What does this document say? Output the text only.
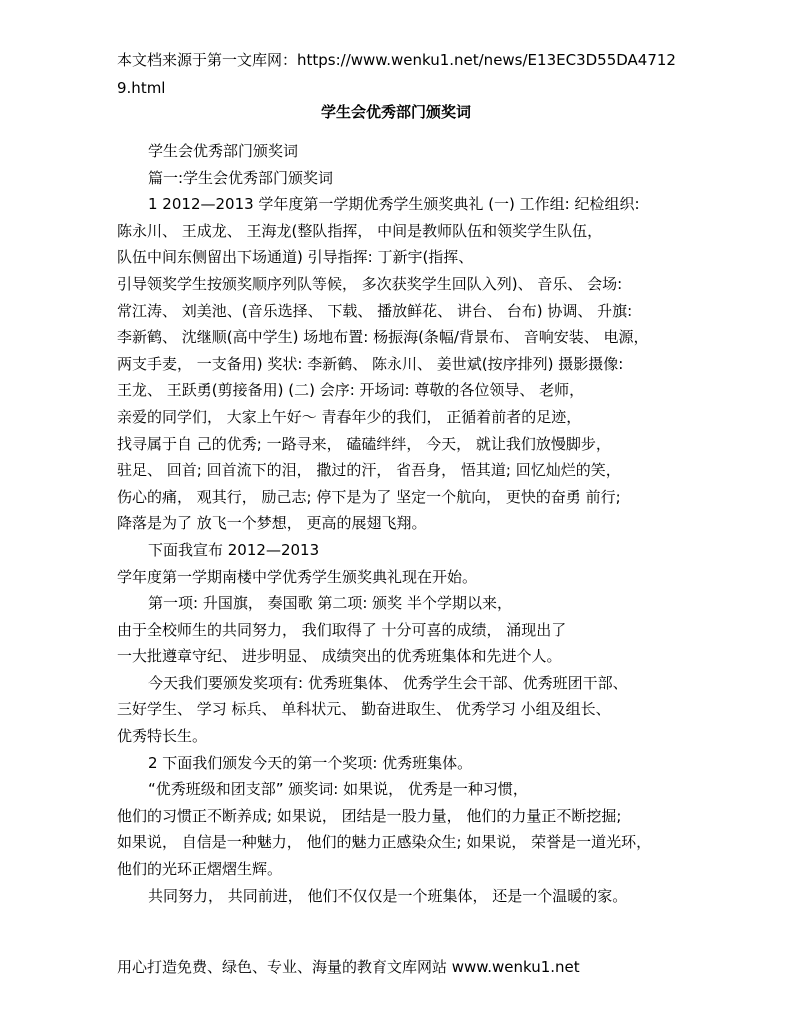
本文档来源于第一文库网：https://www.wenku1.net/news/E13EC3D55DA47129.html
学生会优秀部门颁奖词
学生会优秀部门颁奖词
篇一:学生会优秀部门颁奖词
1 2012—2013 学年度第一学期优秀学生颁奖典礼 (一) 工作组: 纪检组织:
陈永川、 王成龙、 王海龙(整队指挥， 中间是教师队伍和领奖学生队伍，
队伍中间东侧留出下场通道) 引导指挥: 丁新宇(指挥、
引导领奖学生按颁奖顺序列队等候， 多次获奖学生回队入列)、 音乐、 会场:
常江涛、 刘美池、(音乐选择、 下载、 播放鲜花、 讲台、 台布) 协调、 升旗:
李新鹤、 沈继顺(高中学生) 场地布置: 杨振海(条幅/背景布、 音响安装、 电源，
两支手麦， 一支备用) 奖状: 李新鹤、 陈永川、 姜世斌(按序排列) 摄影摄像:
王龙、 王跃勇(剪接备用) (二) 会序: 开场词: 尊敬的各位领导、 老师，
亲爱的同学们， 大家上午好～ 青春年少的我们， 正循着前者的足迹，
找寻属于自 己的优秀; 一路寻来， 磕磕绊绊， 今天， 就让我们放慢脚步，
驻足、 回首; 回首流下的泪， 撒过的汗， 省吾身， 悟其道; 回忆灿烂的笑，
伤心的痛， 观其行， 励己志; 停下是为了 坚定一个航向， 更快的奋勇 前行;
降落是为了 放飞一个梦想， 更高的展翅飞翔。
下面我宣布 2012—2013
学年度第一学期南楼中学优秀学生颁奖典礼现在开始。
第一项: 升国旗， 奏国歌 第二项: 颁奖 半个学期以来，
由于全校师生的共同努力， 我们取得了 十分可喜的成绩， 涌现出了
一大批遵章守纪、 进步明显、 成绩突出的优秀班集体和先进个人。
今天我们要颁发奖项有: 优秀班集体、 优秀学生会干部、优秀班团干部、
三好学生、 学习 标兵、 单科状元、 勤奋进取生、 优秀学习 小组及组长、
优秀特长生。
2 下面我们颁发今天的第一个奖项: 优秀班集体。
“优秀班级和团支部” 颁奖词: 如果说， 优秀是一种习惯，
他们的习惯正不断养成; 如果说， 团结是一股力量， 他们的力量正不断挖掘;
如果说， 自信是一种魅力， 他们的魅力正感染众生; 如果说， 荣誉是一道光环，
他们的光环正熠熠生辉。
共同努力， 共同前进， 他们不仅仅是一个班集体， 还是一个温暖的家。
用心打造免费、绿色、专业、海量的教育文库网站 www.wenku1.net
